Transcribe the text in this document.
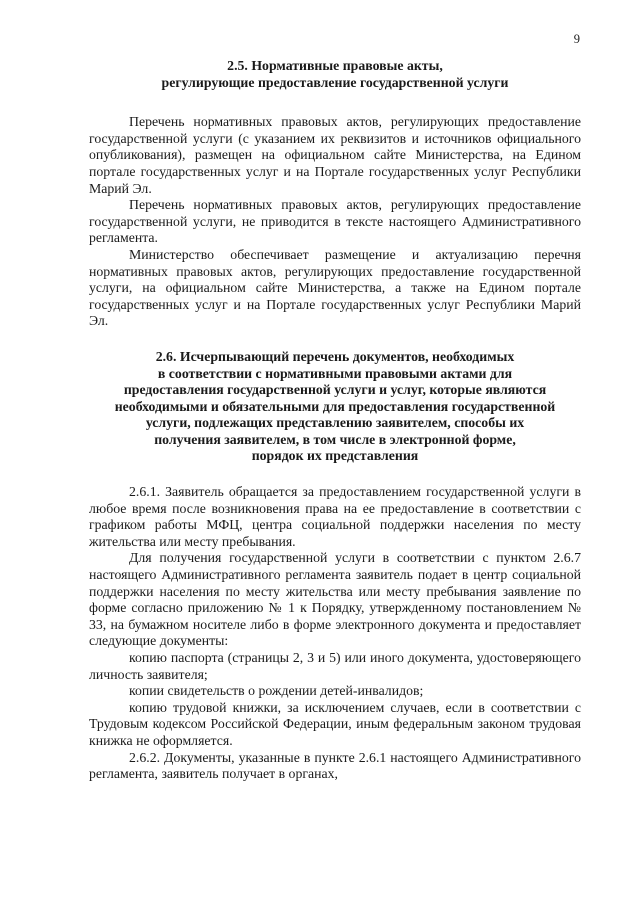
9
2.5. Нормативные правовые акты,
регулирующие предоставление государственной услуги

Перечень нормативных правовых актов, регулирующих предоставление государственной услуги (с указанием их реквизитов и источников официального опубликования), размещен на официальном сайте Министерства, на Едином портале государственных услуг и на Портале государственных услуг Республики Марий Эл.

Перечень нормативных правовых актов, регулирующих предоставление государственной услуги, не приводится в тексте настоящего Административного регламента.

Министерство обеспечивает размещение и актуализацию перечня нормативных правовых актов, регулирующих предоставление государственной услуги, на официальном сайте Министерства, а также на Едином портале государственных услуг и на Портале государственных услуг Республики Марий Эл.

2.6. Исчерпывающий перечень документов, необходимых
в соответствии с нормативными правовыми актами для
предоставления государственной услуги и услуг, которые являются
необходимыми и обязательными для предоставления государственной
услуги, подлежащих представлению заявителем, способы их
получения заявителем, в том числе в электронной форме,
порядок их представления

2.6.1. Заявитель обращается за предоставлением государственной услуги в любое время после возникновения права на ее предоставление в соответствии с графиком работы МФЦ, центра социальной поддержки населения по месту жительства или месту пребывания.

Для получения государственной услуги в соответствии с пунктом 2.6.7 настоящего Административного регламента заявитель подает в центр социальной поддержки населения по месту жительства или месту пребывания заявление по форме согласно приложению № 1 к Порядку, утвержденному постановлением № 33, на бумажном носителе либо в форме электронного документа и предоставляет следующие документы:

копию паспорта (страницы 2, 3 и 5) или иного документа, удостоверяющего личность заявителя;

копии свидетельств о рождении детей-инвалидов;

копию трудовой книжки, за исключением случаев, если в соответствии с Трудовым кодексом Российской Федерации, иным федеральным законом трудовая книжка не оформляется.

2.6.2. Документы, указанные в пункте 2.6.1 настоящего Административного регламента, заявитель получает в органах,
